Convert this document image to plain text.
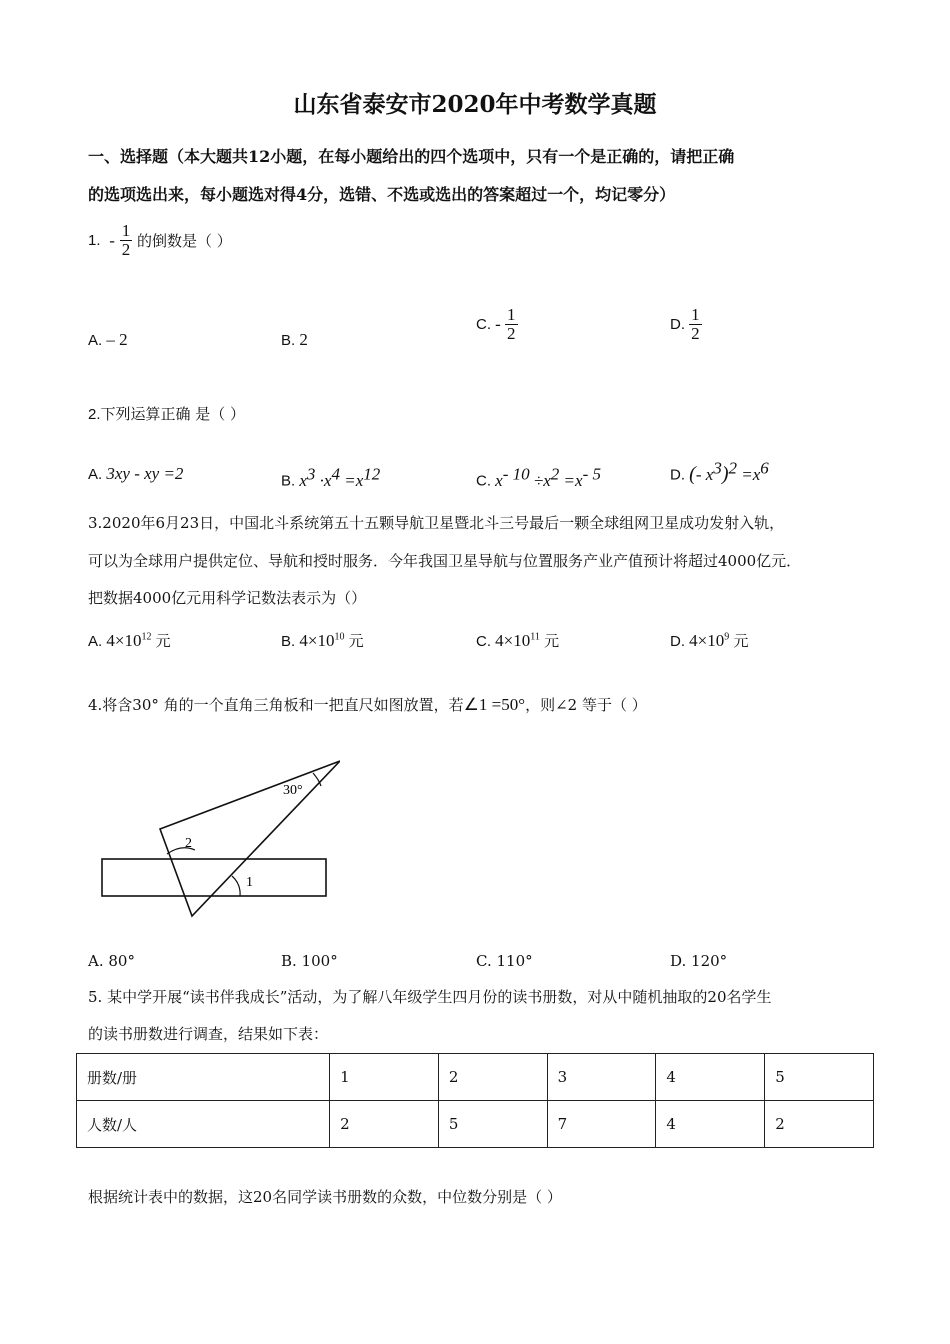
山东省泰安市2020年中考数学真题
一、选择题（本大题共12小题，在每小题给出的四个选项中，只有一个是正确的，请把正确
的选项选出来，每小题选对得4分，选错、不选或选出的答案超过一个，均记零分）
1. - $\frac{1}{2}$ 的倒数是（ ）
A. – 2	B. 2
C. - $\frac{1}{2}$	D. $\frac{1}{2}$
2.下列运算正确 是（ ）
A. 3xy - xy =2	B. $x^3 \cdot x^4 =x^{12}$	C. $x^{- 10} \div x^2 =x^{- 5}$	D. (- $x^3)^2 =x^6$
3.2020年6月23日，中国北斗系统第五十五颗导航卫星暨北斗三号最后一颗全球组网卫星成功发射入轨，
可以为全球用户提供定位、导航和授时服务．今年我国卫星导航与位置服务产业产值预计将超过4000亿元．
把数据4000亿元用科学记数法表示为（）
A. $4\times 10^{12}$ 元	B. $4\times 10^{10}$ 元	C. $4\times 10^{11}$ 元	D. $4\times 10^9$ 元
4.将含30° 角的一个直角三角板和一把直尺如图放置，若∠1 =50°，则∠2 等于（ ）
30°
2
1
A. 80°	B. 100°	C. 110°	D. 120°
5. 某中学开展“读书伴我成长”活动，为了解八年级学生四月份的读书册数，对从中随机抽取的20名学生
的读书册数进行调查，结果如下表：
册数/册	1	2	3	4	5
人数/人	2	5	7	4	2
根据统计表中的数据，这20名同学读书册数的众数，中位数分别是（ ）
